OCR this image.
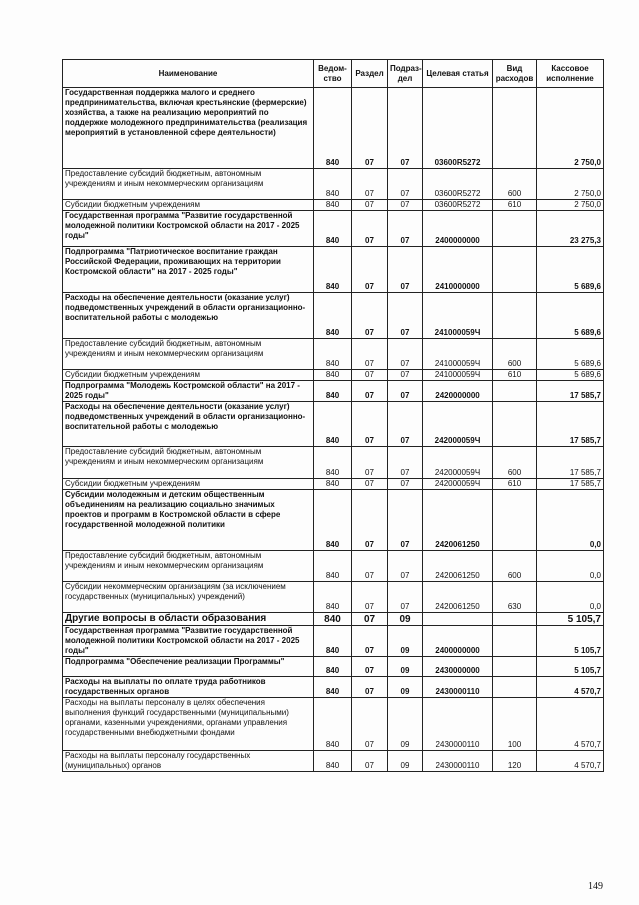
Наименование	Ведом-ство	Раздел	Подраз-дел	Целевая статья	Вид расходов	Кассовое исполнение
Государственная поддержка малого и среднего предпринимательства, включая крестьянские (фермерские) хозяйства, а также на реализацию мероприятий по поддержке молодежного предпринимательства (реализация мероприятий в установленной сфере деятельности)	840	07	07	03600R5272		2 750,0
Предоставление субсидий бюджетным, автономным учреждениям и иным некоммерческим организациям	840	07	07	03600R5272	600	2 750,0
Субсидии бюджетным учреждениям	840	07	07	03600R5272	610	2 750,0
Государственная программа "Развитие государственной молодежной политики Костромской области на 2017 - 2025 годы"	840	07	07	2400000000		23 275,3
Подпрограмма "Патриотическое воспитание граждан Российской Федерации, проживающих на территории Костромской области" на 2017 - 2025 годы"	840	07	07	2410000000		5 689,6
Расходы на обеспечение деятельности (оказание услуг) подведомственных учреждений в области организационно-воспитательной работы с молодежью	840	07	07	241000059Ч		5 689,6
Предоставление субсидий бюджетным, автономным учреждениям и иным некоммерческим организациям	840	07	07	241000059Ч	600	5 689,6
Субсидии бюджетным учреждениям	840	07	07	241000059Ч	610	5 689,6
Подпрограмма "Молодежь Костромской области" на 2017 - 2025 годы"	840	07	07	2420000000		17 585,7
Расходы на обеспечение деятельности (оказание услуг) подведомственных учреждений в области организационно-воспитательной работы с молодежью	840	07	07	242000059Ч		17 585,7
Предоставление субсидий бюджетным, автономным учреждениям и иным некоммерческим организациям	840	07	07	242000059Ч	600	17 585,7
Субсидии бюджетным учреждениям	840	07	07	242000059Ч	610	17 585,7
Субсидии молодежным и детским общественным объединениям на реализацию социально значимых проектов и программ в Костромской области в сфере государственной молодежной политики	840	07	07	2420061250		0,0
Предоставление субсидий бюджетным, автономным учреждениям и иным некоммерческим организациям	840	07	07	2420061250	600	0,0
Субсидии некоммерческим организациям (за исключением государственных (муниципальных) учреждений)	840	07	07	2420061250	630	0,0
Другие вопросы в области образования	840	07	09			5 105,7
Государственная программа "Развитие государственной молодежной политики Костромской области на 2017 - 2025 годы"	840	07	09	2400000000		5 105,7
Подпрограмма "Обеспечение реализации Программы"	840	07	09	2430000000		5 105,7
Расходы на выплаты по оплате труда работников государственных органов	840	07	09	2430000110		4 570,7
Расходы на выплаты персоналу в целях обеспечения выполнения функций государственными (муниципальными) органами, казенными учреждениями, органами управления государственными внебюджетными фондами	840	07	09	2430000110	100	4 570,7
Расходы на выплаты персоналу государственных (муниципальных) органов	840	07	09	2430000110	120	4 570,7
149
